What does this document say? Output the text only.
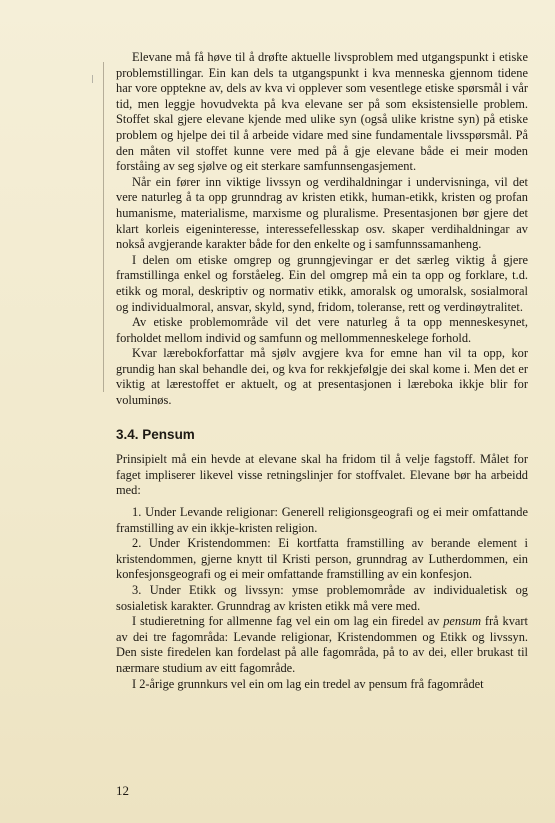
Elevane må få høve til å drøfte aktuelle livsproblem med utgangspunkt i etiske problemstillingar. Ein kan dels ta utgangspunkt i kva menneska gjennom tidene har vore opptekne av, dels av kva vi opplever som vesentlege etiske spørsmål i vår tid, men leggje hovudvekta på kva elevane ser på som eksistensielle problem. Stoffet skal gjere elevane kjende med ulike syn (også ulike kristne syn) på etiske problem og hjelpe dei til å arbeide vidare med sine fundamentale livsspørsmål. På den måten vil stoffet kunne vere med på å gje elevane både ei meir moden forståing av seg sjølve og eit sterkare samfunnsengasjement.

Når ein fører inn viktige livssyn og verdihaldningar i undervisninga, vil det vere naturleg å ta opp grunndrag av kristen etikk, human-etikk, kristen og profan humanisme, materialisme, marxisme og pluralisme. Presentasjonen bør gjere det klart korleis eigeninteresse, interessefellesskap osv. skaper verdihaldningar av nokså avgjerande karakter både for den enkelte og i samfunnssamanheng.

I delen om etiske omgrep og grunngjevingar er det særleg viktig å gjere framstillinga enkel og forståeleg. Ein del omgrep må ein ta opp og forklare, t.d. etikk og moral, deskriptiv og normativ etikk, amoralsk og umoralsk, sosialmoral og individualmoral, ansvar, skyld, synd, fridom, toleranse, rett og verdinøytralitet.

Av etiske problemområde vil det vere naturleg å ta opp menneskesynet, forholdet mellom individ og samfunn og mellommenneskelege forhold.

Kvar lærebokforfattar må sjølv avgjere kva for emne han vil ta opp, kor grundig han skal behandle dei, og kva for rekkjefølgje dei skal kome i. Men det er viktig at lærestoffet er aktuelt, og at presentasjonen i læreboka ikkje blir for voluminøs.

3.4. Pensum

Prinsipielt må ein hevde at elevane skal ha fridom til å velje fagstoff. Målet for faget impliserer likevel visse retningslinjer for stoffvalet. Elevane bør ha arbeidd med:

1. Under Levande religionar: Generell religionsgeografi og ei meir omfattande framstilling av ein ikkje-kristen religion.

2. Under Kristendommen: Ei kortfatta framstilling av berande element i kristendommen, gjerne knytt til Kristi person, grunndrag av Lutherdommen, ein konfesjonsgeografi og ei meir omfattande framstilling av ein konfesjon.

3. Under Etikk og livssyn: ymse problemområde av individualetisk og sosialetisk karakter. Grunndrag av kristen etikk må vere med.

I studieretning for allmenne fag vel ein om lag ein firedel av pensum frå kvart av dei tre fagområda: Levande religionar, Kristendommen og Etikk og livssyn. Den siste firedelen kan fordelast på alle fagområda, på to av dei, eller brukast til nærmare studium av eitt fagområde.

I 2-årige grunnkurs vel ein om lag ein tredel av pensum frå fagområdet

12
